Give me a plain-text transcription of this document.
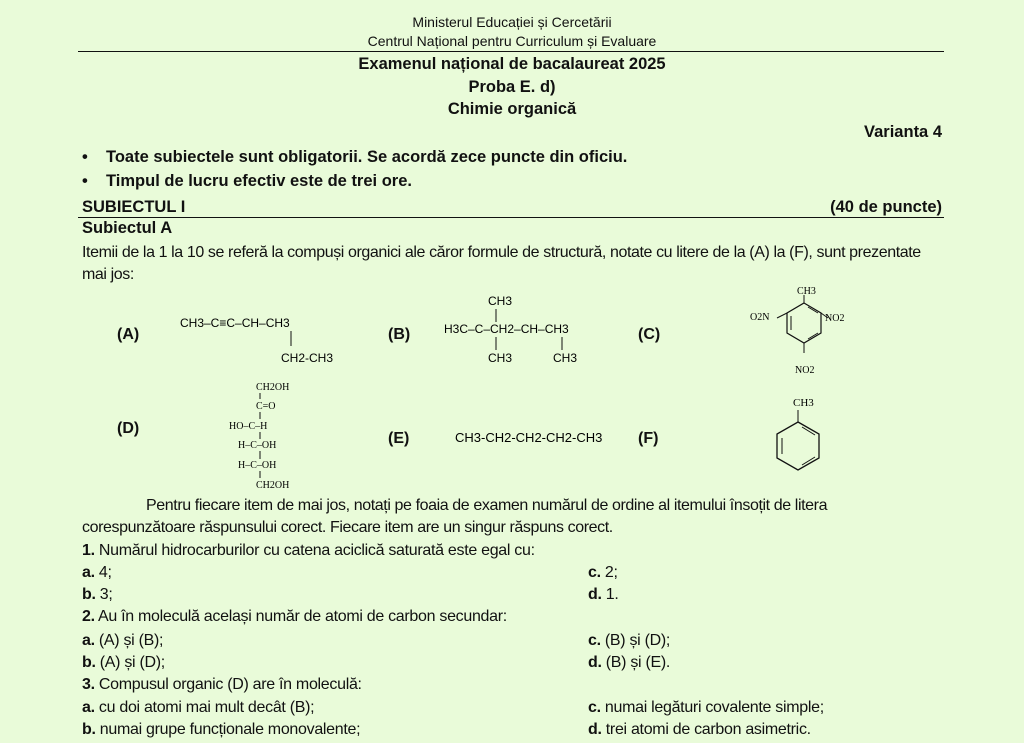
Ministerul Educației și Cercetării
Centrul Național pentru Curriculum și Evaluare
Examenul național de bacalaureat 2025
Proba E. d)
Chimie organică
Varianta 4
• Toate subiectele sunt obligatorii. Se acordă zece puncte din oficiu.
• Timpul de lucru efectiv este de trei ore.
SUBIECTUL I	(40 de puncte)
Subiectul A
Itemii de la 1 la 10 se referă la compuși organici ale căror formule de structură, notate cu litere de la (A) la (F), sunt prezentate mai jos:
(A)	(B)	(C)
(D)
(E)	(F)
CH3–C≡C–CH–CH3
CH2-CH3
CH3
H3C–C–CH2–CH–CH3
CH3	CH3
CH3
O2N	NO2
NO2
CH2OH
C=O
HO–C–H
H–C–OH
H–C–OH
CH2OH
CH3-CH2-CH2-CH2-CH3
CH3
Pentru fiecare item de mai jos, notați pe foaia de examen numărul de ordine al itemului însoțit de litera corespunzătoare răspunsului corect. Fiecare item are un singur răspuns corect.
1. Numărul hidrocarburilor cu catena aciclică saturată este egal cu:
a. 4;
b. 3;
c. 2;
d. 1.
2. Au în moleculă același număr de atomi de carbon secundar:
a. (A) și (B);
b. (A) și (D);
c. (B) și (D);
d. (B) și (E).
3. Compusul organic (D) are în moleculă:
a. cu doi atomi mai mult decât (B);
b. numai grupe funcționale monovalente;
c. numai legături covalente simple;
d. trei atomi de carbon asimetric.
